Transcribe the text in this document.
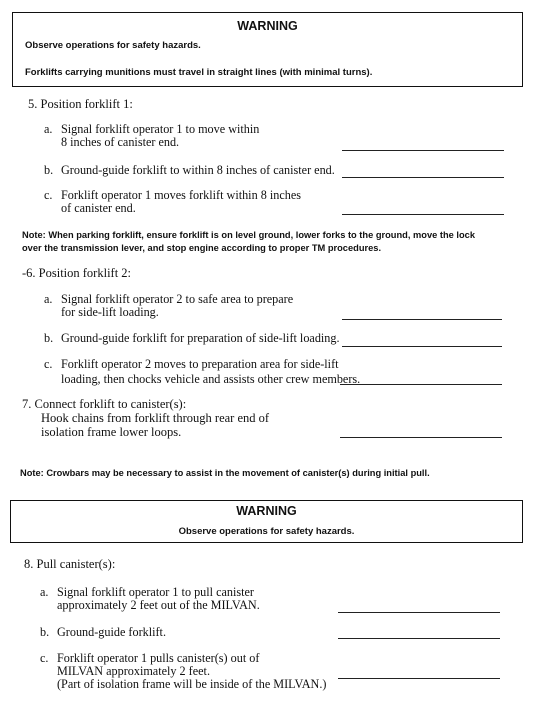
WARNING
Observe operations for safety hazards.
Forklifts carrying munitions must travel in straight lines (with minimal turns).
5. Position forklift 1:
a. Signal forklift operator 1 to move within
8 inches of canister end.
b. Ground-guide forklift to within 8 inches of canister end.
c. Forklift operator 1 moves forklift within 8 inches
of canister end.
Note: When parking forklift, ensure forklift is on level ground, lower forks to the ground, move the lock
over the transmission lever, and stop engine according to proper TM procedures.
-6. Position forklift 2:
a. Signal forklift operator 2 to safe area to prepare
for side-lift loading.
b. Ground-guide forklift for preparation of side-lift loading.
c. Forklift operator 2 moves to preparation area for side-lift
loading, then chocks vehicle and assists other crew members.
7. Connect forklift to canister(s):
Hook chains from forklift through rear end of
isolation frame lower loops.
Note: Crowbars may be necessary to assist in the movement of canister(s) during initial pull.
WARNING
Observe operations for safety hazards.
8. Pull canister(s):
a. Signal forklift operator 1 to pull canister
approximately 2 feet out of the MILVAN.
b. Ground-guide forklift.
c. Forklift operator 1 pulls canister(s) out of
MILVAN approximately 2 feet.
(Part of isolation frame will be inside of the MILVAN.)
